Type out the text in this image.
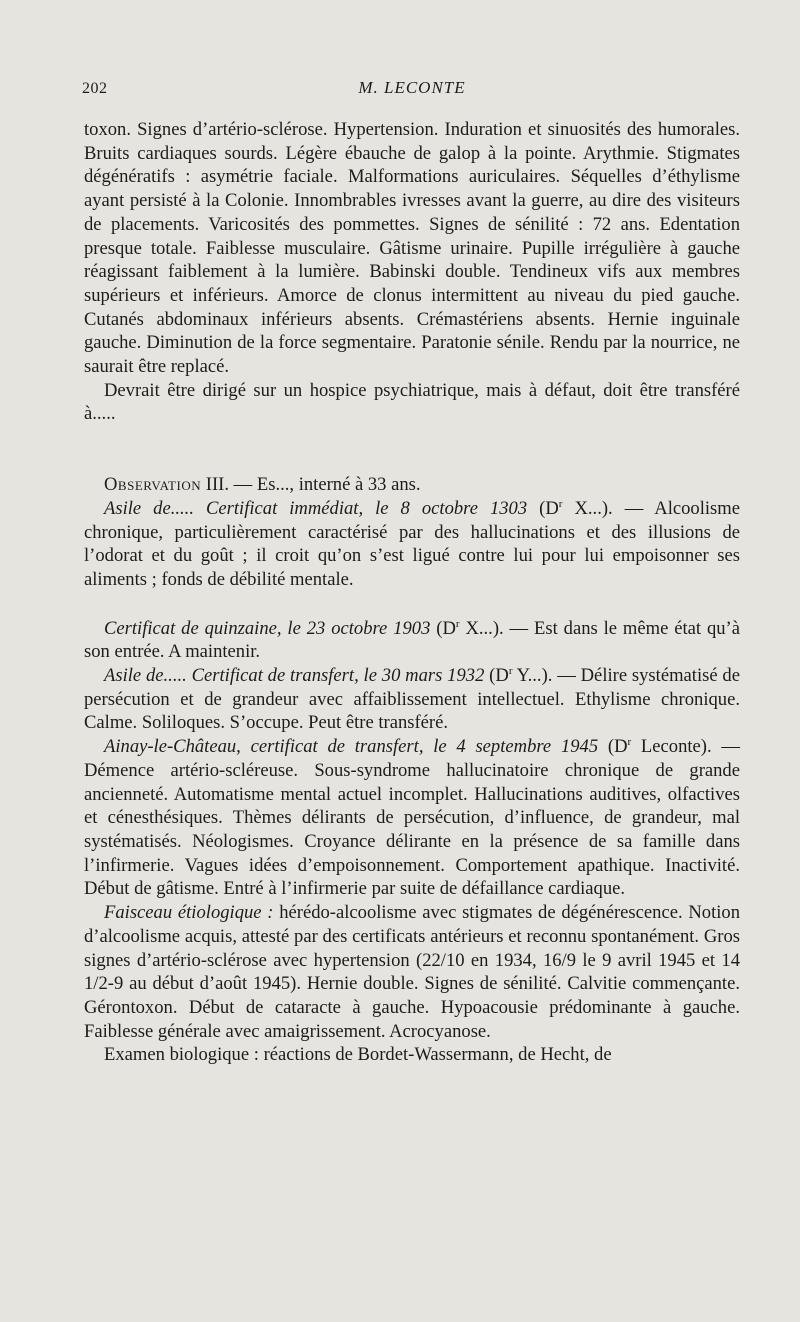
202	M. LECONTE

toxon. Signes d’artério-sclérose. Hypertension. Induration et sinuosités des humorales. Bruits cardiaques sourds. Légère ébauche de galop à la pointe. Arythmie. Stigmates dégénératifs : asymétrie faciale. Malformations auriculaires. Séquelles d’éthylisme ayant persisté à la Colonie. Innombrables ivresses avant la guerre, au dire des visiteurs de placements. Varicosités des pommettes. Signes de sénilité : 72 ans. Edentation presque totale. Faiblesse musculaire. Gâtisme urinaire. Pupille irrégulière à gauche réagissant faiblement à la lumière. Babinski double. Tendineux vifs aux membres supérieurs et inférieurs. Amorce de clonus intermittent au niveau du pied gauche. Cutanés abdominaux inférieurs absents. Crémastériens absents. Hernie inguinale gauche. Diminution de la force segmentaire. Paratonie sénile. Rendu par la nourrice, ne saurait être replacé.

Devrait être dirigé sur un hospice psychiatrique, mais à défaut, doit être transféré à.....

Observation III. — Es..., interné à 33 ans.

Asile de..... Certificat immédiat, le 8 octobre 1303 ($D^r$ X...). — Alcoolisme chronique, particulièrement caractérisé par des hallucinations et des illusions de l’odorat et du goût ; il croit qu’on s’est ligué contre lui pour lui empoisonner ses aliments ; fonds de débilité mentale.

Certificat de quinzaine, le 23 octobre 1903 ($D^r$ X...). — Est dans le même état qu’à son entrée. A maintenir.

Asile de..... Certificat de transfert, le 30 mars 1932 ($D^r$ Y...). — Délire systématisé de persécution et de grandeur avec affaiblissement intellectuel. Ethylisme chronique. Calme. Soliloques. S’occupe. Peut être transféré.

Ainay-le-Château, certificat de transfert, le 4 septembre 1945 ($D^r$ Leconte). — Démence artério-scléreuse. Sous-syndrome hallucinatoire chronique de grande ancienneté. Automatisme mental actuel incomplet. Hallucinations auditives, olfactives et cénesthésiques. Thèmes délirants de persécution, d’influence, de grandeur, mal systématisés. Néologismes. Croyance délirante en la présence de sa famille dans l’infirmerie. Vagues idées d’empoisonnement. Comportement apathique. Inactivité. Début de gâtisme. Entré à l’infirmerie par suite de défaillance cardiaque.

Faisceau étiologique : hérédo-alcoolisme avec stigmates de dégénérescence. Notion d’alcoolisme acquis, attesté par des certificats antérieurs et reconnu spontanément. Gros signes d’artério-sclérose avec hypertension (22/10 en 1934, 16/9 le 9 avril 1945 et 14 1/2-9 au début d’août 1945). Hernie double. Signes de sénilité. Calvitie commençante. Gérontoxon. Début de cataracte à gauche. Hypoacousie prédominante à gauche. Faiblesse générale avec amaigrissement. Acrocyanose.

Examen biologique : réactions de Bordet-Wassermann, de Hecht, de
